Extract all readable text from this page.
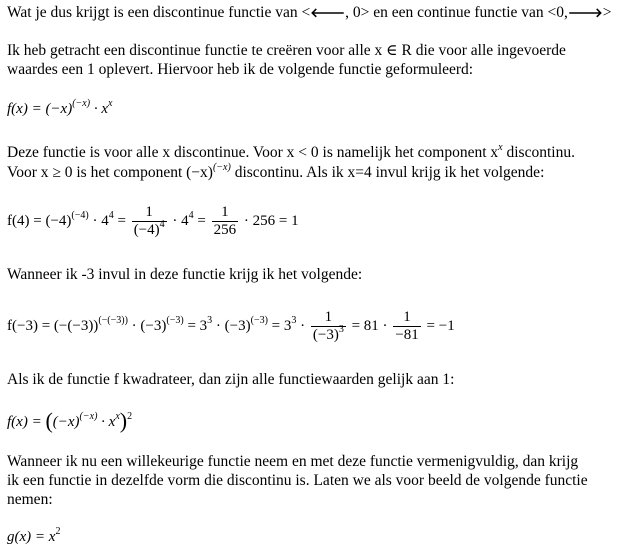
Wat je dus krijgt is een discontinue functie van <🡐, 0> en een continue functie van <0,🡒>
Ik heb getracht een discontinue functie te creëren voor alle x ∈ R die voor alle ingevoerde
waardes een 1 oplevert. Hiervoor heb ik de volgende functie geformuleerd:
$f(x) = (-x)^{(-x)} \cdot x^x$
Deze functie is voor alle x discontinue. Voor x < 0 is namelijk het component $x^x$ discontinu.
Voor x ≥ 0 is het component $(-x)^{(-x)}$ discontinu. Als ik x=4 invul krijg ik het volgende:
$f(4) = (-4)^{(-4)} \cdot 4^4 = \frac{1}{(-4)^4} \cdot 4^4 = \frac{1}{256} \cdot 256 = 1$
Wanneer ik -3 invul in deze functie krijg ik het volgende:
$f(-3) = (-(-3))^{(-(-3))} \cdot (-3)^{(-3)} = 3^3 \cdot (-3)^{(-3)} = 3^3 \cdot \frac{1}{(-3)^3} = 81 \cdot \frac{1}{-81} = -1$
Als ik de functie f kwadrateer, dan zijn alle functiewaarden gelijk aan 1:
$f(x) = ((-x)^{(-x)} \cdot x^x)^2$
Wanneer ik nu een willekeurige functie neem en met deze functie vermenigvuldig, dan krijg
ik een functie in dezelfde vorm die discontinu is. Laten we als voor beeld de volgende functie
nemen:
$g(x) = x^2$
